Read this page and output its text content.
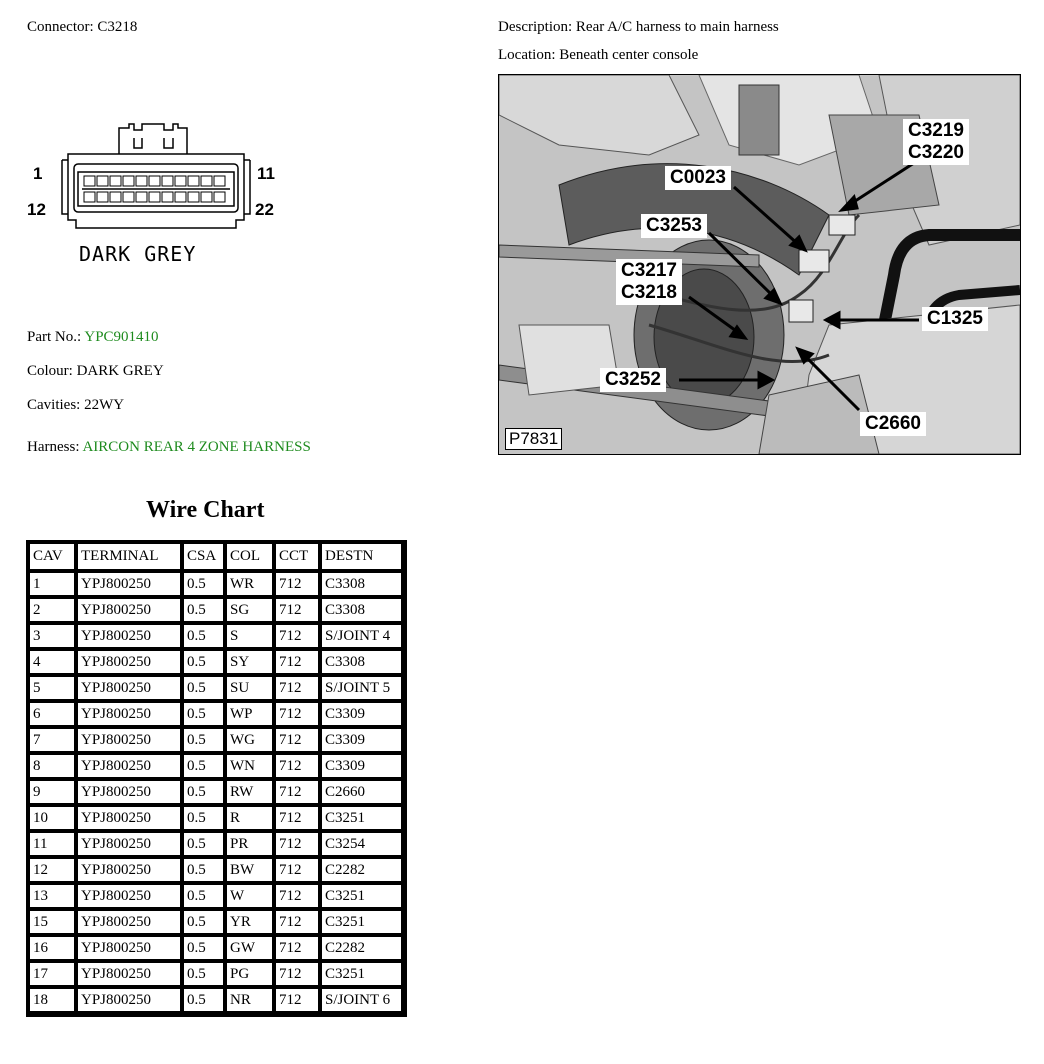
Connector: C3218	Description: Rear A/C harness to main harness
Location: Beneath center console
1
12
11
22
DARK GREY
Part No.: YPC901410
Colour: DARK GREY
Cavities: 22WY
Harness: AIRCON REAR 4 ZONE HARNESS
C3219
C3220
C0023
C3253
C3217
C3218
C1325
C3252
C2660
P7831
Wire Chart
CAV	TERMINAL	CSA	COL	CCT	DESTN
1	YPJ800250	0.5	WR	712	C3308
2	YPJ800250	0.5	SG	712	C3308
3	YPJ800250	0.5	S	712	S/JOINT 4
4	YPJ800250	0.5	SY	712	C3308
5	YPJ800250	0.5	SU	712	S/JOINT 5
6	YPJ800250	0.5	WP	712	C3309
7	YPJ800250	0.5	WG	712	C3309
8	YPJ800250	0.5	WN	712	C3309
9	YPJ800250	0.5	RW	712	C2660
10	YPJ800250	0.5	R	712	C3251
11	YPJ800250	0.5	PR	712	C3254
12	YPJ800250	0.5	BW	712	C2282
13	YPJ800250	0.5	W	712	C3251
15	YPJ800250	0.5	YR	712	C3251
16	YPJ800250	0.5	GW	712	C2282
17	YPJ800250	0.5	PG	712	C3251
18	YPJ800250	0.5	NR	712	S/JOINT 6
